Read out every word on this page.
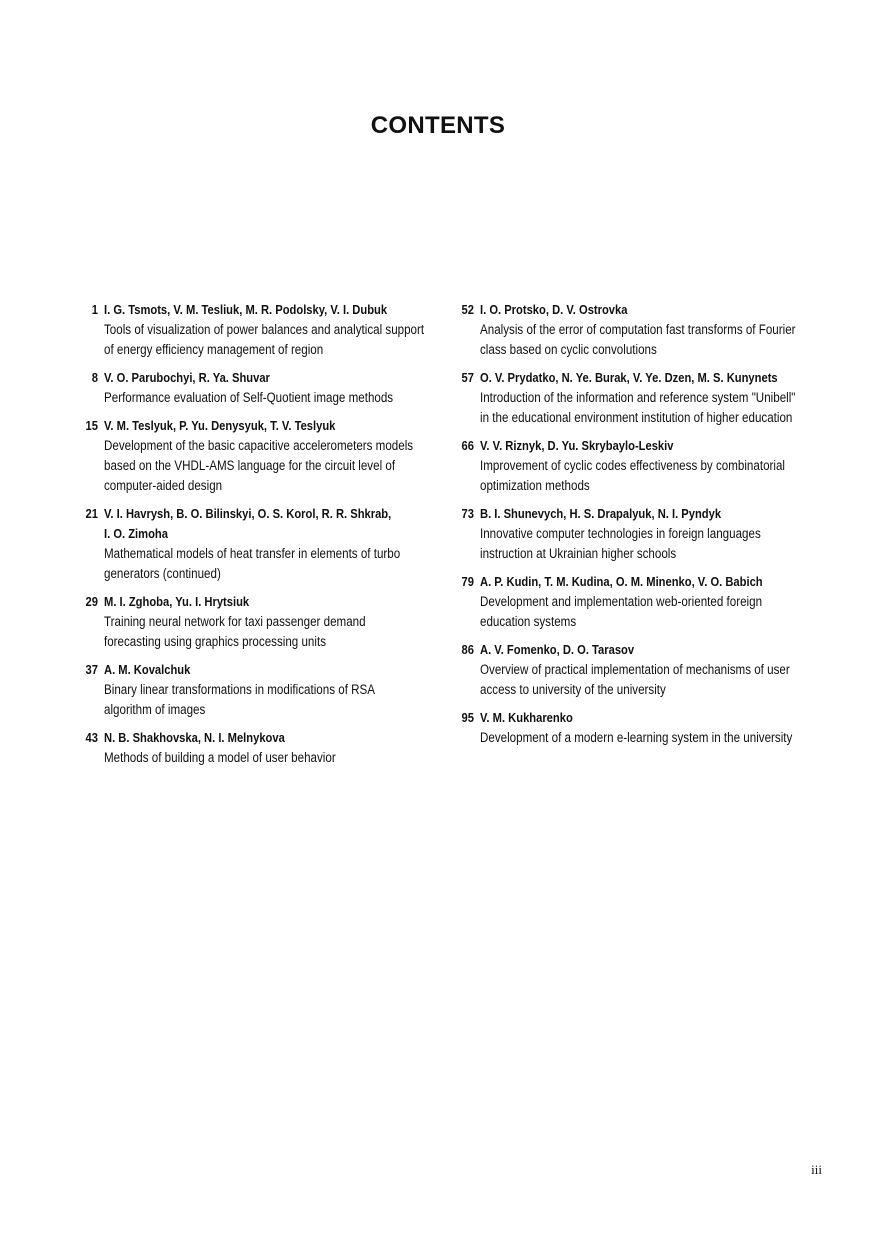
CONTENTS
1 I. G. Tsmots, V. M. Tesliuk, M. R. Podolsky, V. I. Dubuk
Tools of visualization of power balances and analytical support of energy efficiency management of region
8 V. O. Parubochyi, R. Ya. Shuvar
Performance evaluation of Self-Quotient image methods
15 V. M. Teslyuk, P. Yu. Denysyuk, T. V. Teslyuk
Development of the basic capacitive accelerometers models based on the VHDL-AMS language for the circuit level of computer-aided design
21 V. I. Havrysh, B. O. Bilinskyi, O. S. Korol, R. R. Shkrab,
I. O. Zimoha
Mathematical models of heat transfer in elements of turbo generators (continued)
29 M. I. Zghoba, Yu. I. Hrytsiuk
Training neural network for taxi passenger demand forecasting using graphics processing units
37 A. M. Kovalchuk
Binary linear transformations in modifications of RSA algorithm of images
43 N. B. Shakhovska, N. I. Melnykova
Methods of building a model of user behavior
52 I. O. Protsko, D. V. Ostrovka
Analysis of the error of computation fast transforms of Fourier class based on cyclic convolutions
57 O. V. Prydatko, N. Ye. Burak, V. Ye. Dzen, M. S. Kunynets
Introduction of the information and reference system "Unibell" in the educational environment institution of higher education
66 V. V. Riznyk, D. Yu. Skrybaylo-Leskiv
Improvement of cyclic codes effectiveness by combinatorial optimization methods
73 B. I. Shunevych, H. S. Drapalyuk, N. I. Pyndyk
Innovative computer technologies in foreign languages instruction at Ukrainian higher schools
79 A. P. Kudin, T. M. Kudina, O. M. Minenko, V. O. Babich
Development and implementation web-oriented foreign education systems
86 A. V. Fomenko, D. O. Tarasov
Overview of practical implementation of mechanisms of user access to university of the university
95 V. M. Kukharenko
Development of a modern e-learning system in the university
iii
